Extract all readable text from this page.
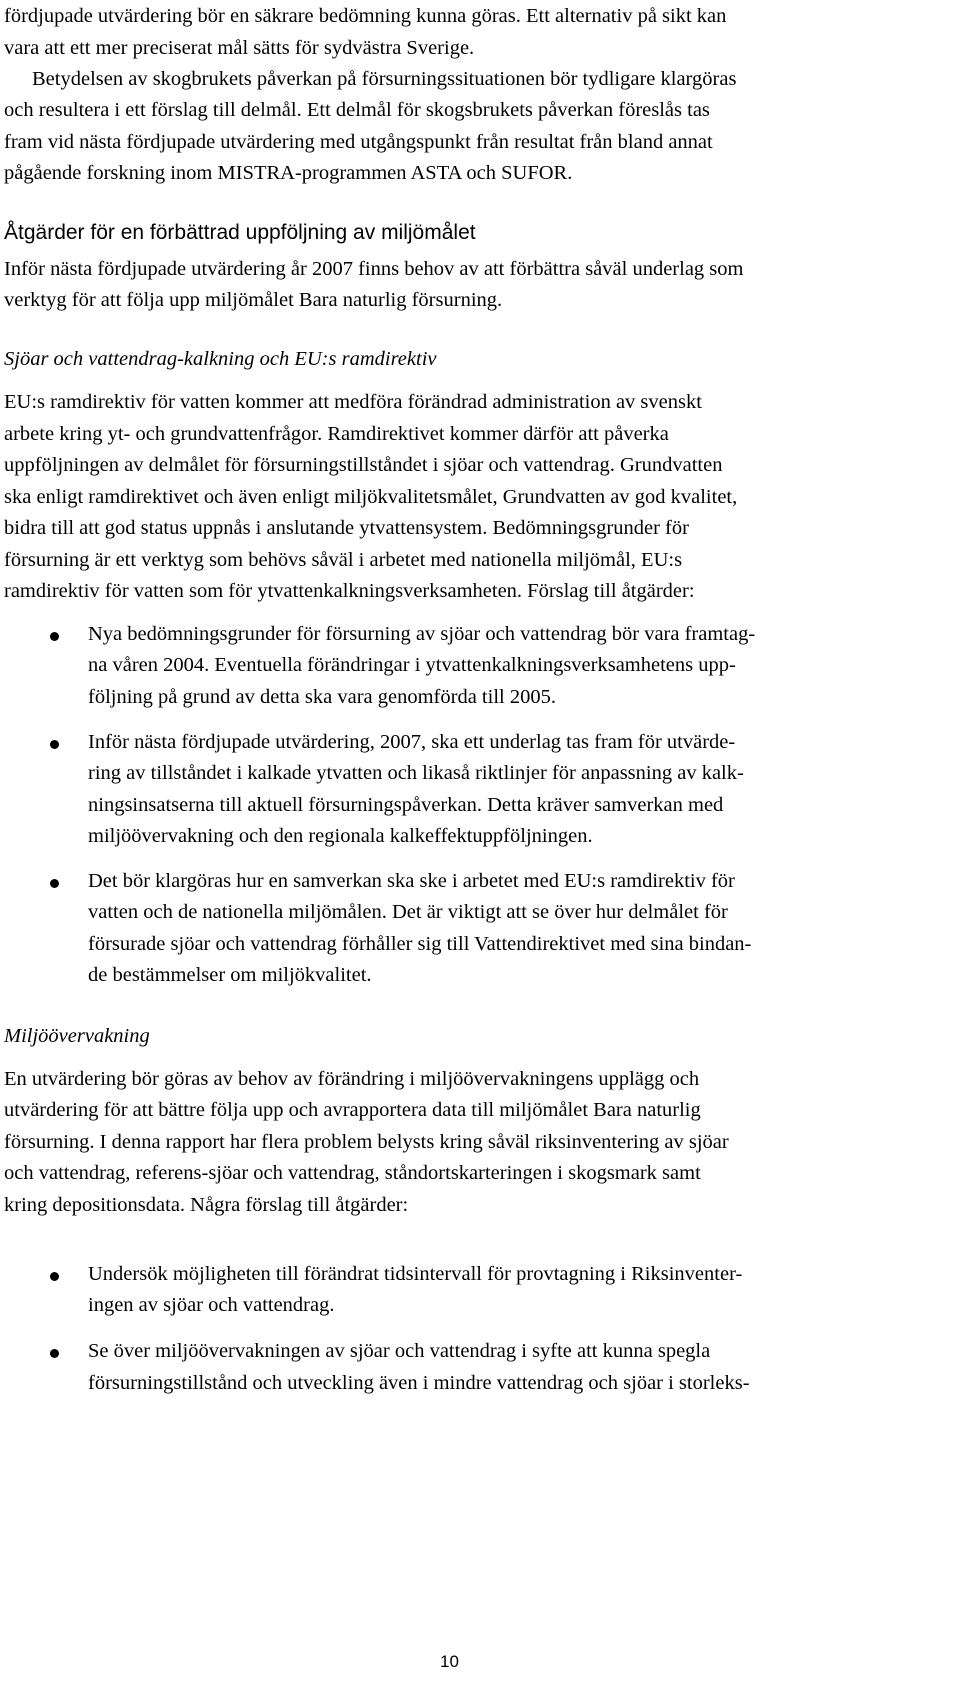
fördjupade utvärdering bör en säkrare bedömning kunna göras. Ett alternativ på sikt kan
vara att ett mer preciserat mål sätts för sydvästra Sverige.
Betydelsen av skogbrukets påverkan på försurningssituationen bör tydligare klargöras
och resultera i ett förslag till delmål. Ett delmål för skogsbrukets påverkan föreslås tas
fram vid nästa fördjupade utvärdering med utgångspunkt från resultat från bland annat
pågående forskning inom MISTRA-programmen ASTA och SUFOR.
Åtgärder för en förbättrad uppföljning av miljömålet
Inför nästa fördjupade utvärdering år 2007 finns behov av att förbättra såväl underlag som
verktyg för att följa upp miljömålet Bara naturlig försurning.
Sjöar och vattendrag-kalkning och EU:s ramdirektiv
EU:s ramdirektiv för vatten kommer att medföra förändrad administration av svenskt
arbete kring yt- och grundvattenfrågor. Ramdirektivet kommer därför att påverka
uppföljningen av delmålet för försurningstillståndet i sjöar och vattendrag. Grundvatten
ska enligt ramdirektivet och även enligt miljökvalitetsmålet, Grundvatten av god kvalitet,
bidra till att god status uppnås i anslutande ytvattensystem. Bedömningsgrunder för
försurning är ett verktyg som behövs såväl i arbetet med nationella miljömål, EU:s
ramdirektiv för vatten som för ytvattenkalkningsverksamheten. Förslag till åtgärder:
Nya bedömningsgrunder för försurning av sjöar och vattendrag bör vara framtag-
na våren 2004. Eventuella förändringar i ytvattenkalkningsverksamhetens upp-
följning på grund av detta ska vara genomförda till 2005.
Inför nästa fördjupade utvärdering, 2007, ska ett underlag tas fram för utvärde-
ring av tillståndet i kalkade ytvatten och likaså riktlinjer för anpassning av kalk-
ningsinsatserna till aktuell försurningspåverkan. Detta kräver samverkan med
miljöövervakning och den regionala kalkeffektuppföljningen.
Det bör klargöras hur en samverkan ska ske i arbetet med EU:s ramdirektiv för
vatten och de nationella miljömålen. Det är viktigt att se över hur delmålet för
försurade sjöar och vattendrag förhåller sig till Vattendirektivet med sina bindan-
de bestämmelser om miljökvalitet.
Miljöövervakning
En utvärdering bör göras av behov av förändring i miljöövervakningens upplägg och
utvärdering för att bättre följa upp och avrapportera data till miljömålet Bara naturlig
försurning. I denna rapport har flera problem belysts kring såväl riksinventering av sjöar
och vattendrag, referens-sjöar och vattendrag, ståndortskarteringen i skogsmark samt
kring depositionsdata. Några förslag till åtgärder:
Undersök möjligheten till förändrat tidsintervall för provtagning i Riksinventer-
ingen av sjöar och vattendrag.
Se över miljöövervakningen av sjöar och vattendrag i syfte att kunna spegla
försurningstillstånd och utveckling även i mindre vattendrag och sjöar i storleks-
10
